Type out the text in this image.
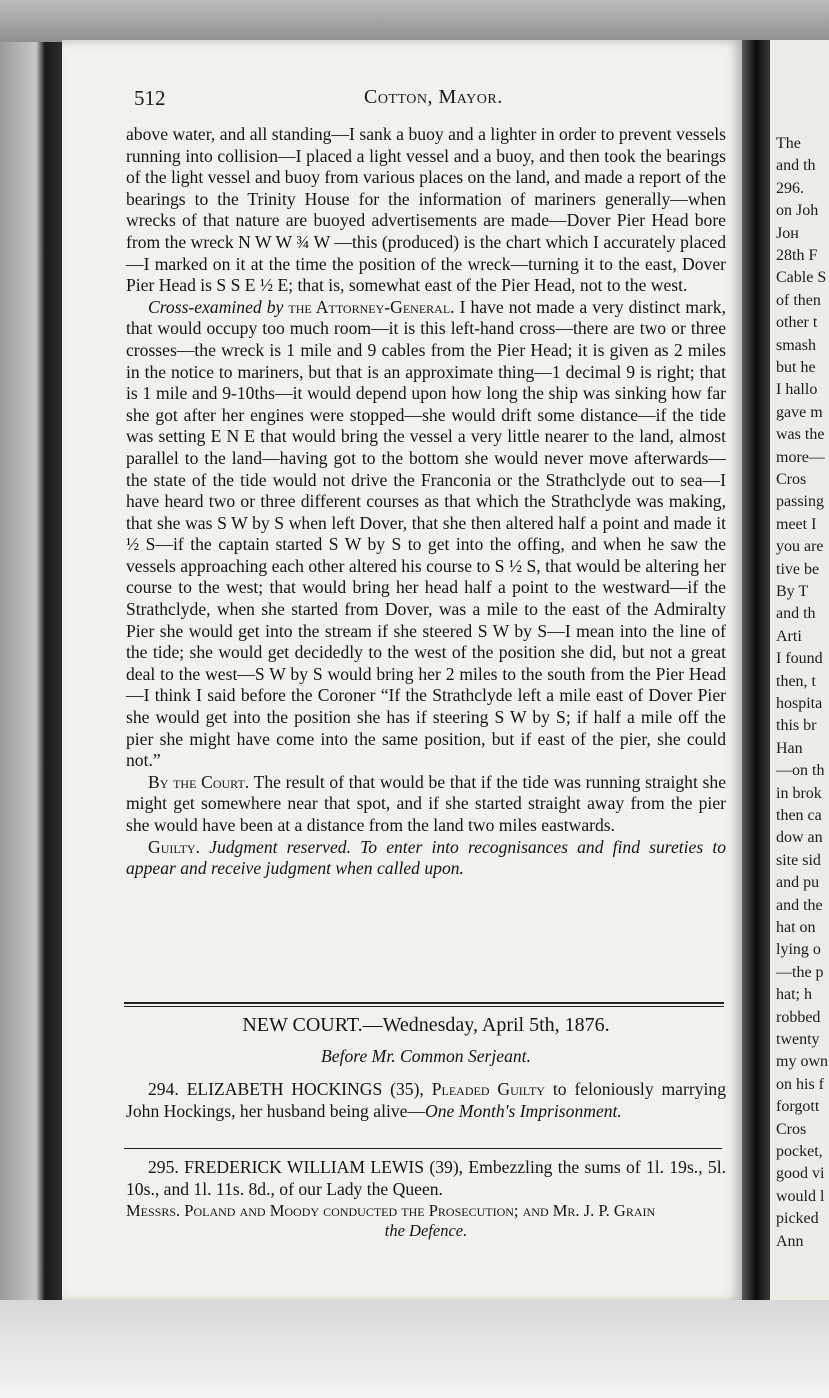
The
and th
296.
on Joh
Joн
28th F
Cable S
of then
other t
smash
but he
I hallo
gave m
was the
more—
Cros
passing
meet I
you are
tive be
By T
and th
Arti
I found
then, t
hospita
this br
Han
—on th
in brok
then ca
dow an
site sid
and pu
and the
hat on
lying o
—the p
hat; h
robbed
twenty
my own
on his f
forgott
Cros
pocket,
good vi
would l
picked
Ann
512	Cotton, Mayor.

above water, and all standing—I sank a buoy and a lighter in order to prevent vessels running into collision—I placed a light vessel and a buoy, and then took the bearings of the light vessel and buoy from various places on the land, and made a report of the bearings to the Trinity House for the information of mariners generally—when wrecks of that nature are buoyed advertisements are made—Dover Pier Head bore from the wreck N W W ¾ W —this (produced) is the chart which I accurately placed—I marked on it at the time the position of the wreck—turning it to the east, Dover Pier Head is S S E ½ E; that is, somewhat east of the Pier Head, not to the west.

Cross-examined by the Attorney-General. I have not made a very distinct mark, that would occupy too much room—it is this left-hand cross—there are two or three crosses—the wreck is 1 mile and 9 cables from the Pier Head; it is given as 2 miles in the notice to mariners, but that is an approximate thing—1 decimal 9 is right; that is 1 mile and 9-10ths—it would depend upon how long the ship was sinking how far she got after her engines were stopped—she would drift some distance—if the tide was setting E N E that would bring the vessel a very little nearer to the land, almost parallel to the land—having got to the bottom she would never move afterwards—the state of the tide would not drive the Franconia or the Strathclyde out to sea—I have heard two or three different courses as that which the Strathclyde was making, that she was S W by S when left Dover, that she then altered half a point and made it ½ S—if the captain started S W by S to get into the offing, and when he saw the vessels approaching each other altered his course to S ½ S, that would be altering her course to the west; that would bring her head half a point to the westward—if the Strathclyde, when she started from Dover, was a mile to the east of the Admiralty Pier she would get into the stream if she steered S W by S—I mean into the line of the tide; she would get decidedly to the west of the position she did, but not a great deal to the west—S W by S would bring her 2 miles to the south from the Pier Head—I think I said before the Coroner “If the Strathclyde left a mile east of Dover Pier she would get into the position she has if steering S W by S; if half a mile off the pier she might have come into the same position, but if east of the pier, she could not.”

By the Court. The result of that would be that if the tide was running straight she might get somewhere near that spot, and if she started straight away from the pier she would have been at a distance from the land two miles eastwards.

Guilty. Judgment reserved. To enter into recognisances and find sureties to appear and receive judgment when called upon.

NEW COURT.—Wednesday, April 5th, 1876.
Before Mr. Common Serjeant.
294. ELIZABETH HOCKINGS (35), Pleaded Guilty to feloniously marrying John Hockings, her husband being alive—One Month's Imprisonment.
295. FREDERICK WILLIAM LEWIS (39), Embezzling the sums of 1l. 19s., 5l. 10s., and 1l. 11s. 8d., of our Lady the Queen.
Messrs. Poland and Moody conducted the Prosecution; and Mr. J. P. Grain
the Defence.
